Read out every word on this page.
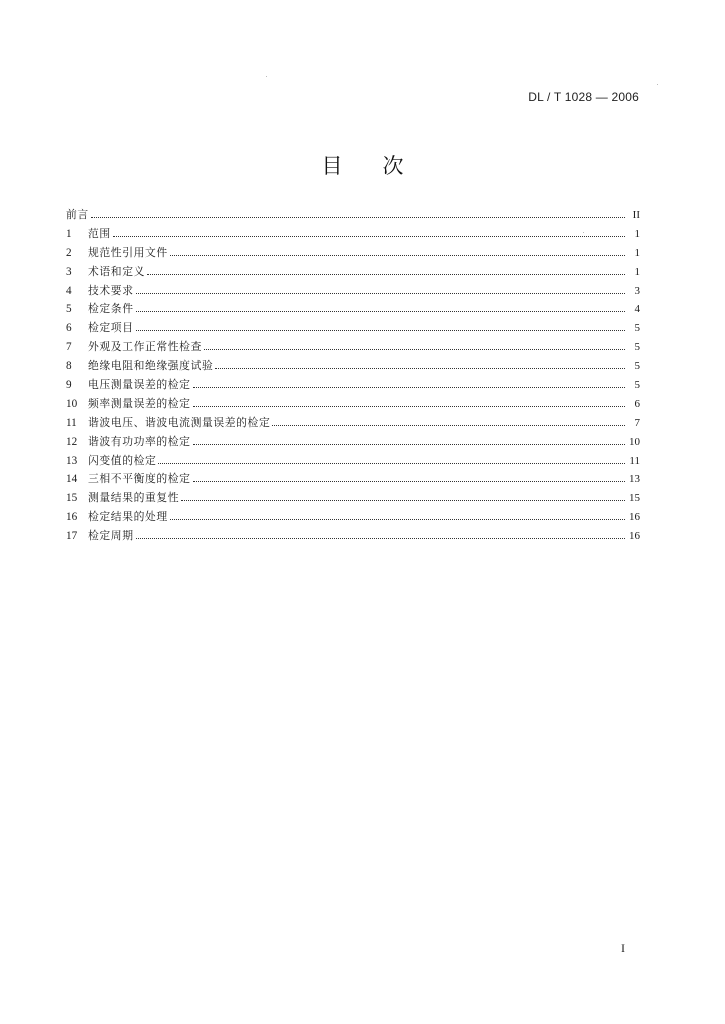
DL / T 1028 — 2006
目 次
前言	II
1	范围	1
2	规范性引用文件	1
3	术语和定义	1
4	技术要求	3
5	检定条件	4
6	检定项目	5
7	外观及工作正常性检查	5
8	绝缘电阻和绝缘强度试验	5
9	电压测量误差的检定	5
10	频率测量误差的检定	6
11	谐波电压、谐波电流测量误差的检定	7
12	谐波有功功率的检定	10
13	闪变值的检定	11
14	三相不平衡度的检定	13
15	测量结果的重复性	15
16	检定结果的处理	16
17	检定周期	16
I
